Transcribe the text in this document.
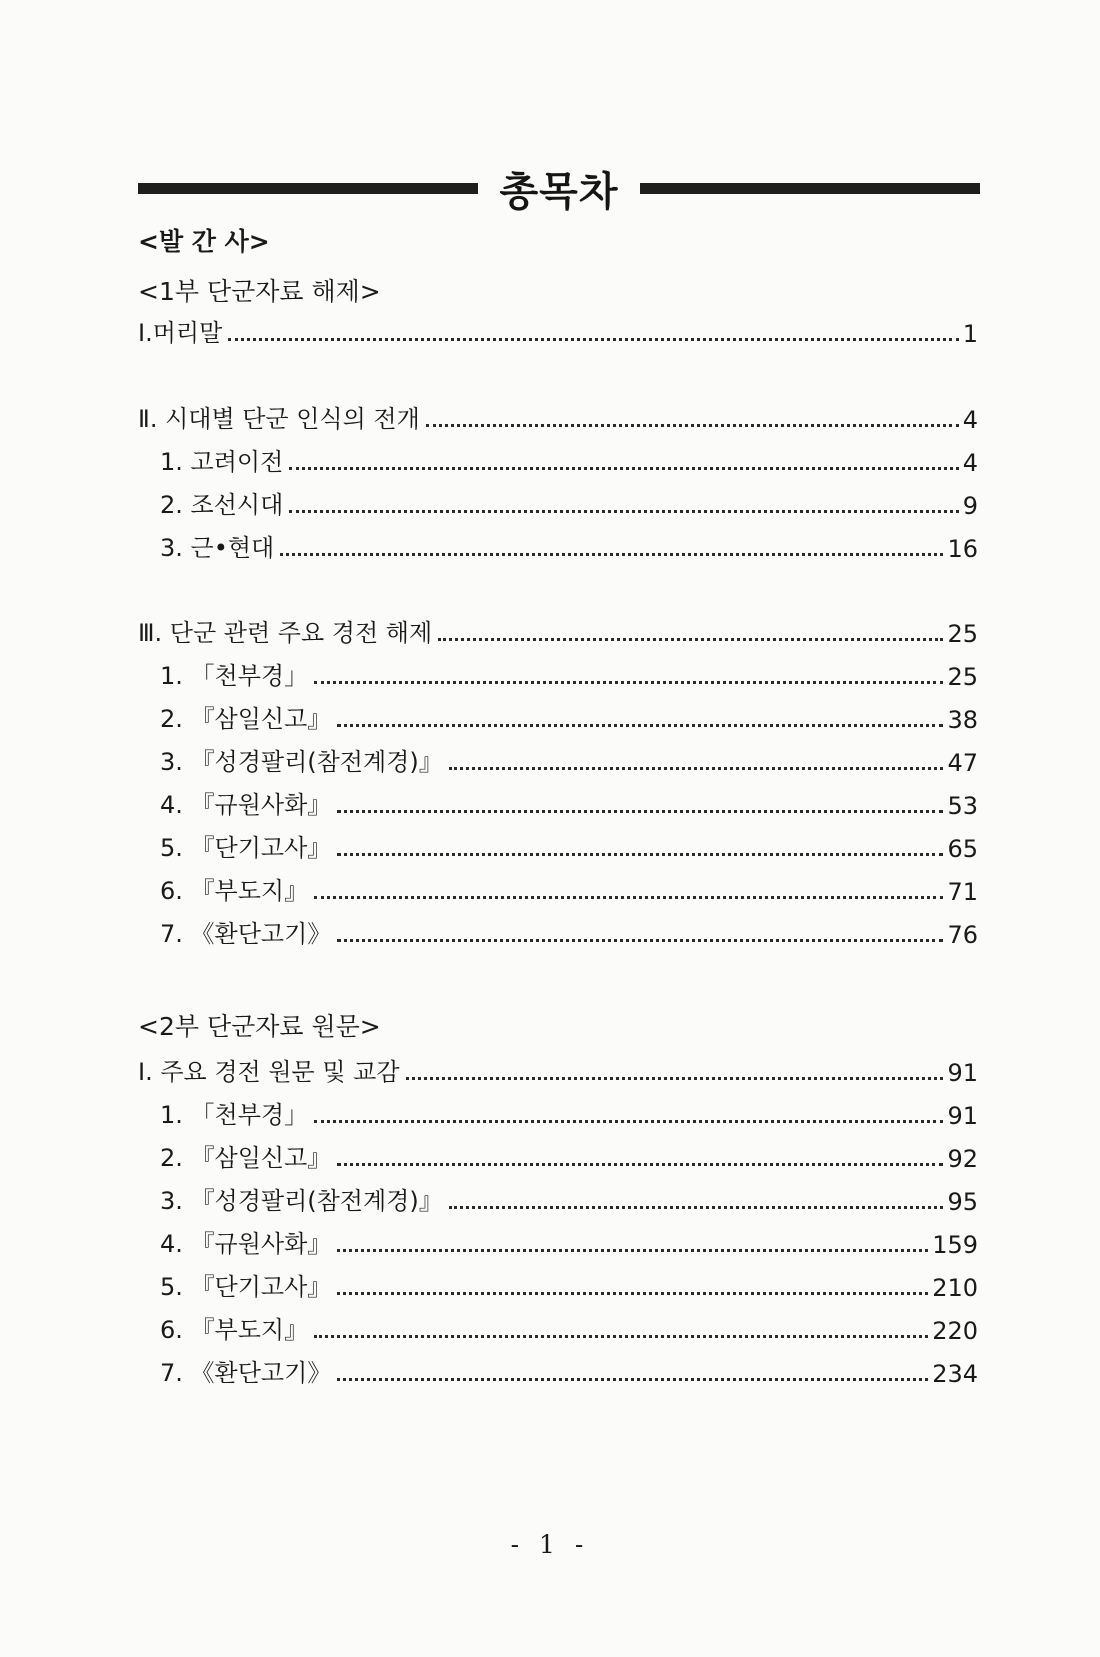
총목차
<발 간 사>
<1부 단군자료 해제>
Ⅰ.머리말	1
Ⅱ. 시대별 단군 인식의 전개	4
1. 고려이전	4
2. 조선시대	9
3. 근•현대	16
Ⅲ. 단군 관련 주요 경전 해제	25
1. 「천부경」	25
2. 『삼일신고』	38
3. 『성경팔리(참전계경)』	47
4. 『규원사화』	53
5. 『단기고사』	65
6. 『부도지』	71
7. 《환단고기》	76
<2부 단군자료 원문>
Ⅰ. 주요 경전 원문 및 교감	91
1. 「천부경」	91
2. 『삼일신고』	92
3. 『성경팔리(참전계경)』	95
4. 『규원사화』	159
5. 『단기고사』	210
6. 『부도지』	220
7. 《환단고기》	234
- 1 -
